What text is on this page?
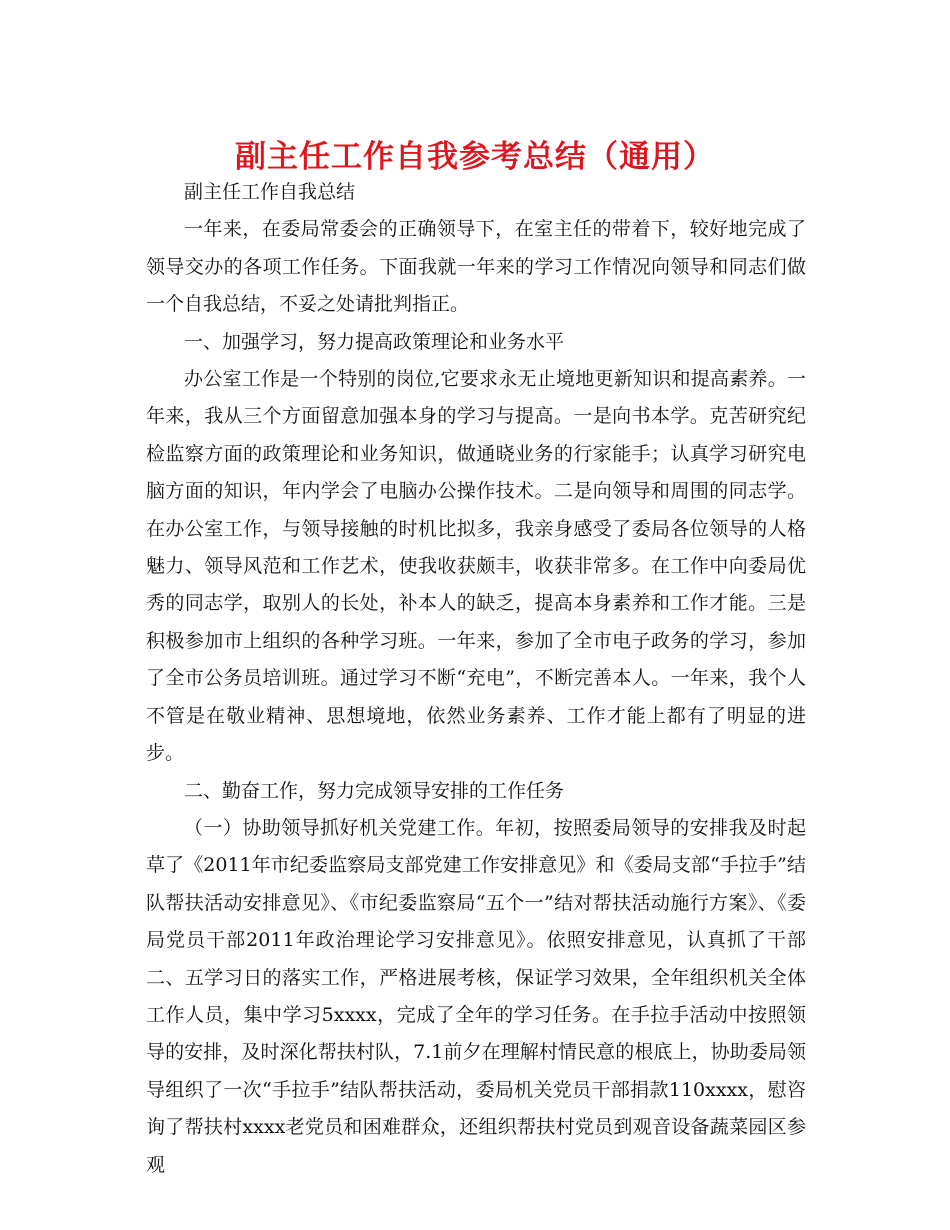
副主任工作自我参考总结（通用）

副主任工作自我总结

一年来，在委局常委会的正确领导下，在室主任的带着下，较好地完成了领导交办的各项工作任务。下面我就一年来的学习工作情况向领导和同志们做一个自我总结，不妥之处请批判指正。

一、加强学习，努力提高政策理论和业务水平

办公室工作是一个特别的岗位,它要求永无止境地更新知识和提高素养。一年来，我从三个方面留意加强本身的学习与提高。一是向书本学。克苦研究纪检监察方面的政策理论和业务知识，做通晓业务的行家能手；认真学习研究电脑方面的知识，年内学会了电脑办公操作技术。二是向领导和周围的同志学。在办公室工作，与领导接触的时机比拟多，我亲身感受了委局各位领导的人格魅力、领导风范和工作艺术，使我收获颇丰，收获非常多。在工作中向委局优秀的同志学，取别人的长处，补本人的缺乏，提高本身素养和工作才能。三是积极参加市上组织的各种学习班。一年来，参加了全市电子政务的学习，参加了全市公务员培训班。通过学习不断“充电”，不断完善本人。一年来，我个人不管是在敬业精神、思想境地，依然业务素养、工作才能上都有了明显的进步。

二、勤奋工作，努力完成领导安排的工作任务

（一）协助领导抓好机关党建工作。年初，按照委局领导的安排我及时起草了《2011年市纪委监察局支部党建工作安排意见》和《委局支部“手拉手”结队帮扶活动安排意见》、《市纪委监察局“五个一”结对帮扶活动施行方案》、《委局党员干部2011年政治理论学习安排意见》。依照安排意见，认真抓了干部二、五学习日的落实工作，严格进展考核，保证学习效果，全年组织机关全体工作人员，集中学习5xxxx，完成了全年的学习任务。在手拉手活动中按照领导的安排，及时深化帮扶村队，7.1前夕在理解村情民意的根底上，协助委局领导组织了一次“手拉手”结队帮扶活动，委局机关党员干部捐款110xxxx，慰咨询了帮扶村xxxx老党员和困难群众，还组织帮扶村党员到观音设备蔬菜园区参观
